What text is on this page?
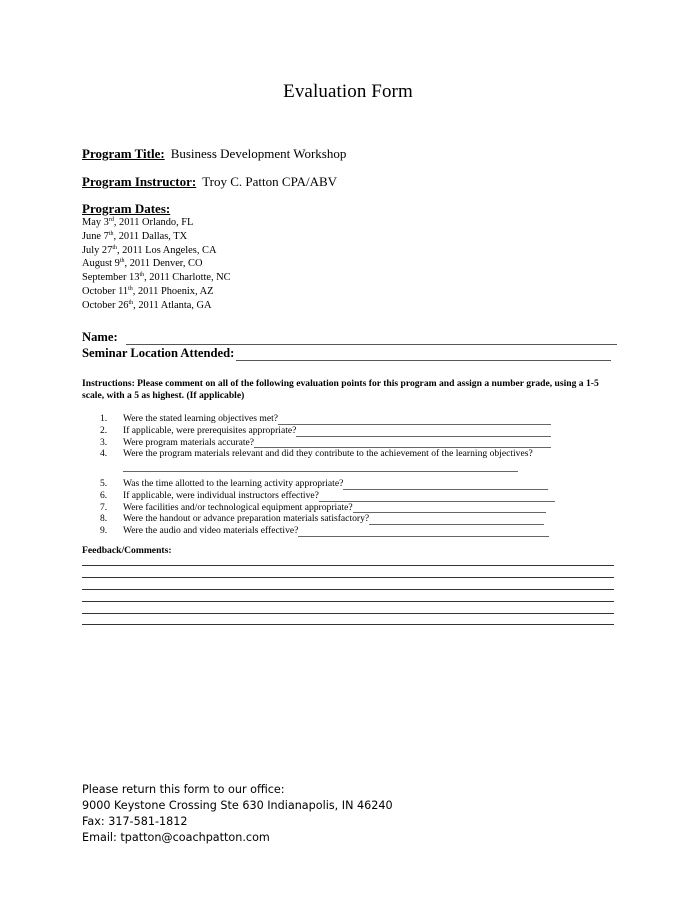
Evaluation Form
Program Title: Business Development Workshop
Program Instructor: Troy C. Patton CPA/ABV
Program Dates:
May 3rd, 2011 Orlando, FL
June 7th, 2011 Dallas, TX
July 27th, 2011 Los Angeles, CA
August 9th, 2011 Denver, CO
September 13th, 2011 Charlotte, NC
October 11th, 2011 Phoenix, AZ
October 26th, 2011 Atlanta, GA
Name:
Seminar Location Attended:
Instructions: Please comment on all of the following evaluation points for this program and assign a number grade, using a 1-5 scale, with a 5 as highest. (If applicable)
1.	Were the stated learning objectives met?
2.	If applicable, were prerequisites appropriate?
3.	Were program materials accurate?
4.	Were the program materials relevant and did they contribute to the achievement of the learning objectives?
5.	Was the time allotted to the learning activity appropriate?
6.	If applicable, were individual instructors effective?
7.	Were facilities and/or technological equipment appropriate?
8.	Were the handout or advance preparation materials satisfactory?
9.	Were the audio and video materials effective?
Feedback/Comments:
Please return this form to our office:
9000 Keystone Crossing Ste 630 Indianapolis, IN 46240
Fax: 317-581-1812
Email: tpatton@coachpatton.com
